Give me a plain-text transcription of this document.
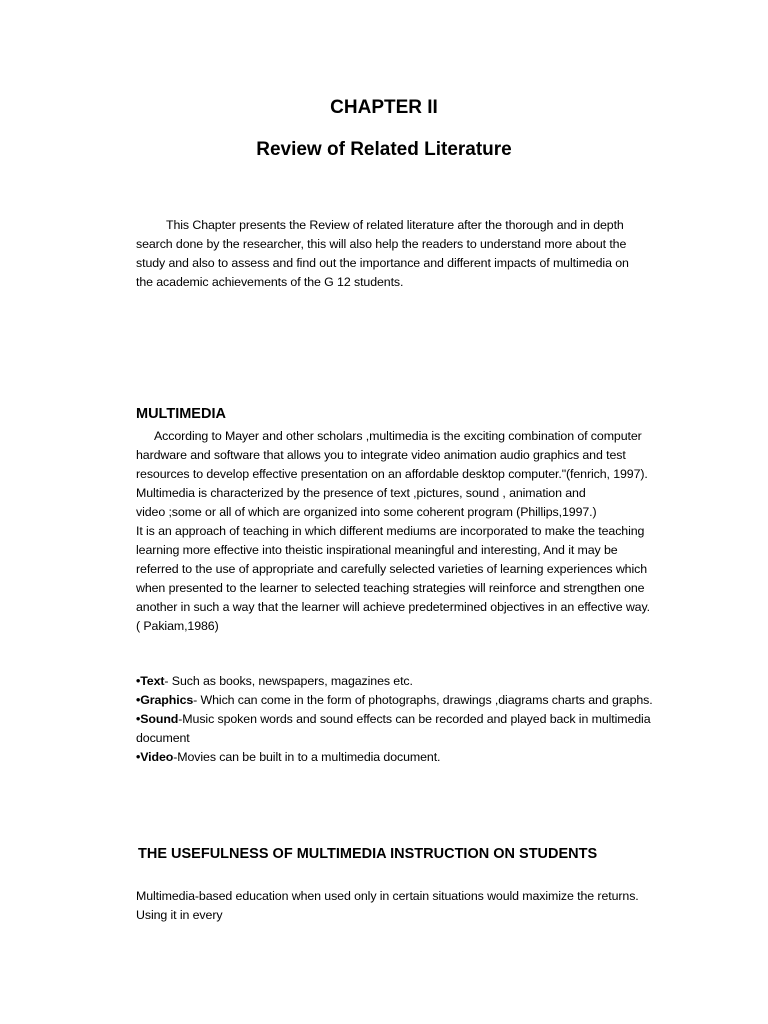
CHAPTER II
Review of Related Literature
This Chapter presents the Review of related literature after the thorough and in depth
search done by the researcher, this will also help the readers to understand more about the
study and also to assess and find out the importance and different impacts of multimedia on
the academic achievements of the G 12 students.
MULTIMEDIA
According to Mayer and other scholars ,multimedia is the exciting combination of computer
hardware and software that allows you to integrate video animation audio graphics and test
resources to develop effective presentation on an affordable desktop computer."(fenrich, 1997).
Multimedia is characterized by the presence of text ,pictures, sound , animation and
video ;some or all of which are organized into some coherent program (Phillips,1997.)
It is an approach of teaching in which different mediums are incorporated to make the teaching
learning more effective into theistic inspirational meaningful and interesting, And it may be
referred to the use of appropriate and carefully selected varieties of learning experiences which
when presented to the learner to selected teaching strategies will reinforce and strengthen one
another in such a way that the learner will achieve predetermined objectives in an effective way.
( Pakiam,1986)
•Text- Such as books, newspapers, magazines etc.
•Graphics- Which can come in the form of photographs, drawings ,diagrams charts and graphs.
•Sound-Music spoken words and sound effects can be recorded and played back in multimedia
document
•Video-Movies can be built in to a multimedia document.
THE USEFULNESS OF MULTIMEDIA INSTRUCTION ON STUDENTS
Multimedia-based education when used only in certain situations would maximize the returns.
Using it in every
